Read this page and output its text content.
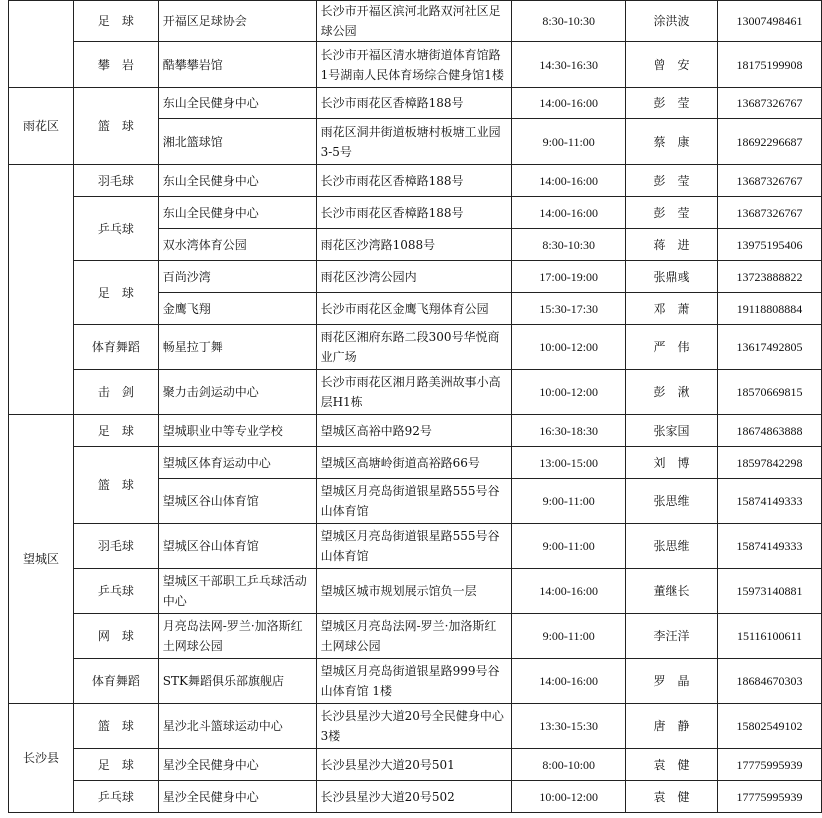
	足　球	开福区足球协会	长沙市开福区滨河北路双河社区足球公园	8:30-10:30	涂洪波	13007498461
	攀　岩	酷攀攀岩馆	长沙市开福区清水塘街道体育馆路1号湖南人民体育场综合健身馆1楼	14:30-16:30	曾　安	18175199908
雨花区	篮　球	东山全民健身中心	长沙市雨花区香樟路188号	14:00-16:00	彭　莹	13687326767
		湘北篮球馆	雨花区洞井街道板塘村板塘工业园3-5号	9:00-11:00	蔡　康	18692296687
	羽毛球	东山全民健身中心	长沙市雨花区香樟路188号	14:00-16:00	彭　莹	13687326767
	乒乓球	东山全民健身中心	长沙市雨花区香樟路188号	14:00-16:00	彭　莹	13687326767
		双水湾体育公园	雨花区沙湾路1088号	8:30-10:30	蒋　进	13975195406
	足　球	百尚沙湾	雨花区沙湾公园内	17:00-19:00	张鼎彧	13723888822
		金鹰飞翔	长沙市雨花区金鹰飞翔体育公园	15:30-17:30	邓　萧	19118808884
	体育舞蹈	畅星拉丁舞	雨花区湘府东路二段300号华悦商业广场	10:00-12:00	严　伟	13617492805
	击　剑	聚力击剑运动中心	长沙市雨花区湘月路美洲故事小高层H1栋	10:00-12:00	彭　湫	18570669815
望城区	足　球	望城职业中等专业学校	望城区高裕中路92号	16:30-18:30	张家国	18674863888
	篮　球	望城区体育运动中心	望城区高塘岭街道高裕路66号	13:00-15:00	刘　博	18597842298
		望城区谷山体育馆	望城区月亮岛街道银星路555号谷山体育馆	9:00-11:00	张思维	15874149333
	羽毛球	望城区谷山体育馆	望城区月亮岛街道银星路555号谷山体育馆	9:00-11:00	张思维	15874149333
	乒乓球	望城区干部职工乒乓球活动中心	望城区城市规划展示馆负一层	14:00-16:00	董继长	15973140881
	网　球	月亮岛法网-罗兰·加洛斯红土网球公园	望城区月亮岛法网-罗兰·加洛斯红土网球公园	9:00-11:00	李汪洋	15116100611
	体育舞蹈	STK舞蹈俱乐部旗舰店	望城区月亮岛街道银星路999号谷山体育馆 1楼	14:00-16:00	罗　晶	18684670303
长沙县	篮　球	星沙北斗篮球运动中心	长沙县星沙大道20号全民健身中心3楼	13:30-15:30	唐　静	15802549102
	足　球	星沙全民健身中心	长沙县星沙大道20号501	8:00-10:00	袁　健	17775995939
	乒乓球	星沙全民健身中心	长沙县星沙大道20号502	10:00-12:00	袁　健	17775995939
